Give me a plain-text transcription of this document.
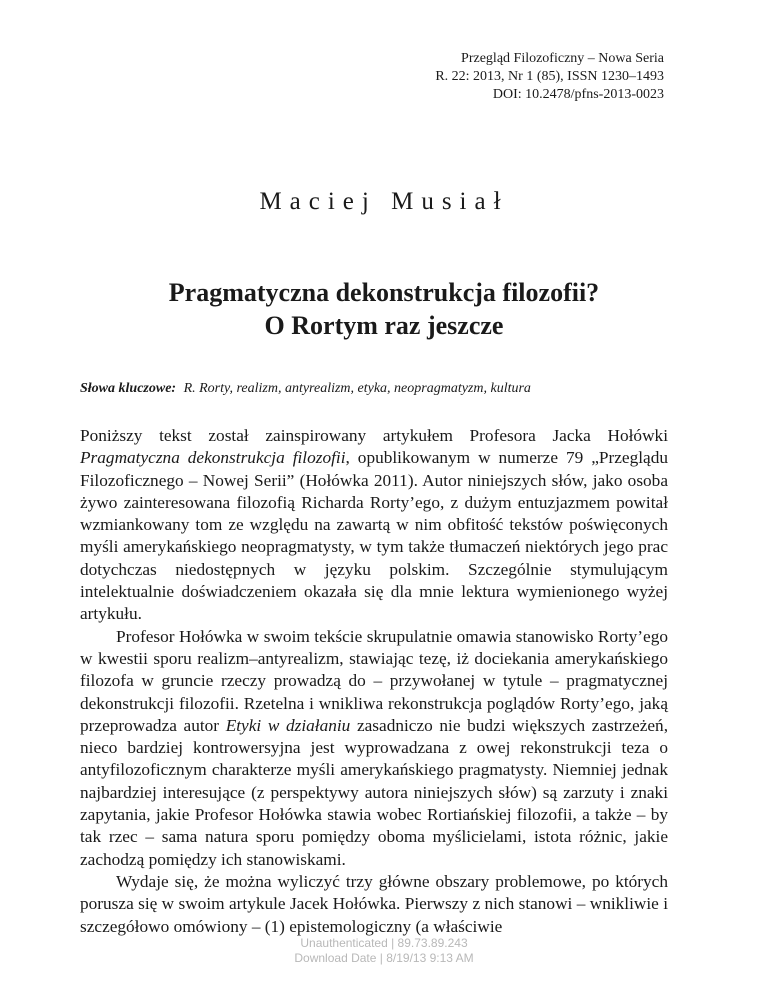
Przegląd Filozoficzny – Nowa Seria
R. 22: 2013, Nr 1 (85), ISSN 1230–1493
DOI: 10.2478/pfns-2013-0023
Maciej Musiał
Pragmatyczna dekonstrukcja filozofii?
O Rortym raz jeszcze
Słowa kluczowe: R. Rorty, realizm, antyrealizm, etyka, neopragmatyzm, kultura

Poniższy tekst został zainspirowany artykułem Profesora Jacka Hołówki Pragmatyczna dekonstrukcja filozofii, opublikowanym w numerze 79 „Przeglądu Filozoficznego – Nowej Serii” (Hołówka 2011). Autor niniejszych słów, jako osoba żywo zainteresowana filozofią Richarda Rorty’ego, z dużym entuzjazmem powitał wzmiankowany tom ze względu na zawartą w nim obfitość tekstów poświęconych myśli amerykańskiego neopragmatysty, w tym także tłumaczeń niektórych jego prac dotychczas niedostępnych w języku polskim. Szczególnie stymulującym intelektualnie doświadczeniem okazała się dla mnie lektura wymienionego wyżej artykułu.

Profesor Hołówka w swoim tekście skrupulatnie omawia stanowisko Rorty’ego w kwestii sporu realizm–antyrealizm, stawiając tezę, iż dociekania amerykańskiego filozofa w gruncie rzeczy prowadzą do – przywołanej w tytule – pragmatycznej dekonstrukcji filozofii. Rzetelna i wnikliwa rekonstrukcja poglądów Rorty’ego, jaką przeprowadza autor Etyki w działaniu zasadniczo nie budzi większych zastrzeżeń, nieco bardziej kontrowersyjna jest wyprowadzana z owej rekonstrukcji teza o antyfilozoficznym charakterze myśli amerykańskiego pragmatysty. Niemniej jednak najbardziej interesujące (z perspektywy autora niniejszych słów) są zarzuty i znaki zapytania, jakie Profesor Hołówka stawia wobec Rortiańskiej filozofii, a także – by tak rzec – sama natura sporu pomiędzy oboma myślicielami, istota różnic, jakie zachodzą pomiędzy ich stanowiskami.

Wydaje się, że można wyliczyć trzy główne obszary problemowe, po których porusza się w swoim artykule Jacek Hołówka. Pierwszy z nich stanowi – wnikliwie i szczegółowo omówiony – (1) epistemologiczny (a właściwie

Unauthenticated | 89.73.89.243
Download Date | 8/19/13 9:13 AM
